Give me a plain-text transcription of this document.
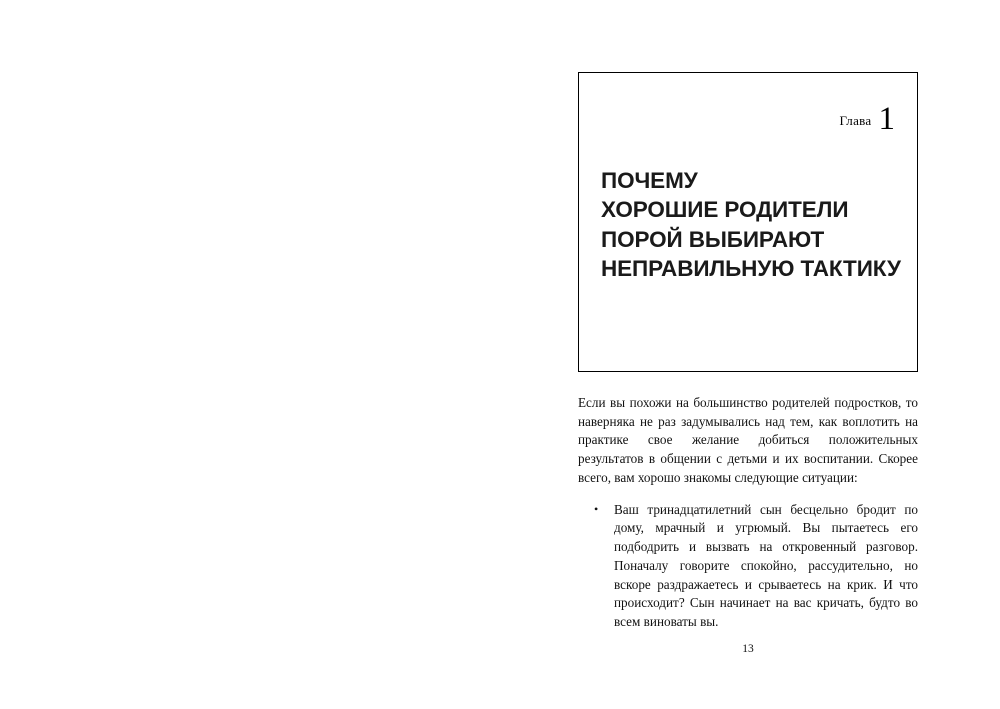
Глава 1
ПОЧЕМУ
ХОРОШИЕ РОДИТЕЛИ
ПОРОЙ ВЫБИРАЮТ
НЕПРАВИЛЬНУЮ ТАКТИКУ

Если вы похожи на большинство родителей подростков, то наверняка не раз задумывались над тем, как воплотить на практике свое желание добиться положительных результатов в общении с детьми и их воспитании. Скорее всего, вам хорошо знакомы следующие ситуации:

• Ваш тринадцатилетний сын бесцельно бродит по дому, мрачный и угрюмый. Вы пытаетесь его подбодрить и вызвать на откровенный разговор. Поначалу говорите спокойно, рассудительно, но вскоре раздражаетесь и срываетесь на крик. И что происходит? Сын начинает на вас кричать, будто во всем виноваты вы.
13
